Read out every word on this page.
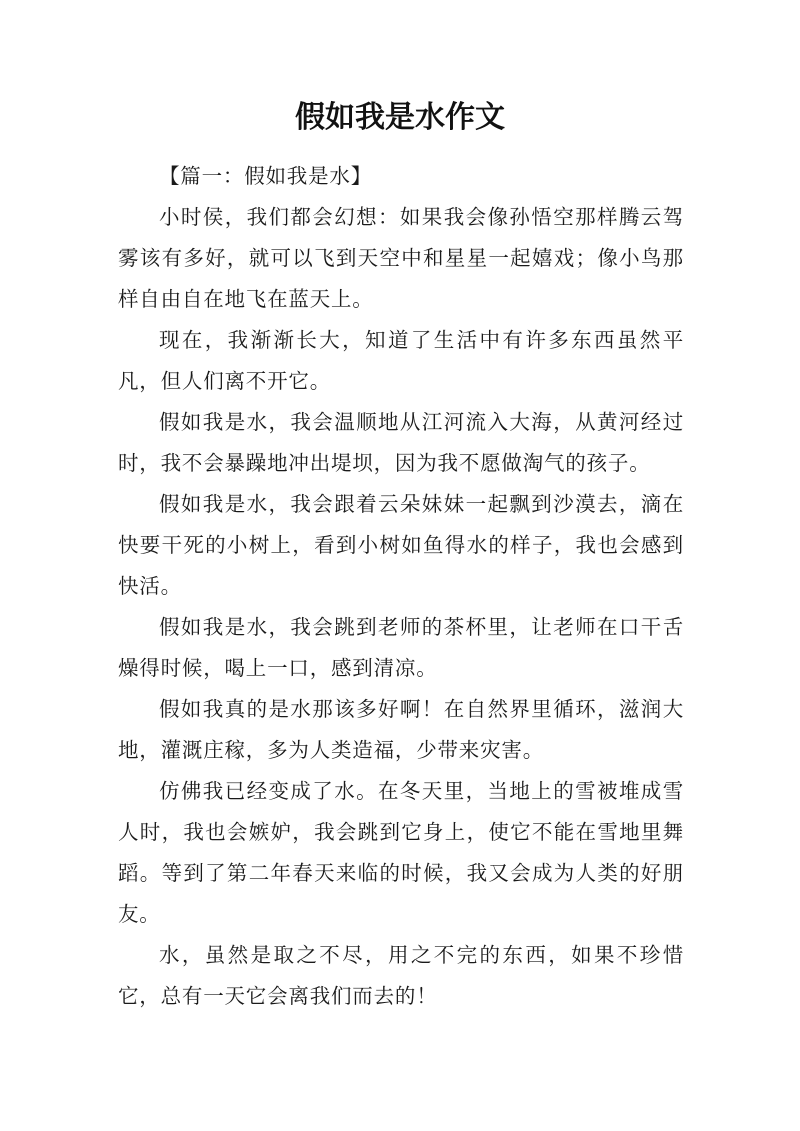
假如我是水作文

【篇一：假如我是水】

小时侯，我们都会幻想：如果我会像孙悟空那样腾云驾雾该有多好，就可以飞到天空中和星星一起嬉戏；像小鸟那样自由自在地飞在蓝天上。

现在，我渐渐长大，知道了生活中有许多东西虽然平凡，但人们离不开它。

假如我是水，我会温顺地从江河流入大海，从黄河经过时，我不会暴躁地冲出堤坝，因为我不愿做淘气的孩子。

假如我是水，我会跟着云朵妹妹一起飘到沙漠去，滴在快要干死的小树上，看到小树如鱼得水的样子，我也会感到快活。

假如我是水，我会跳到老师的茶杯里，让老师在口干舌燥得时候，喝上一口，感到清凉。

假如我真的是水那该多好啊！在自然界里循环，滋润大地，灌溉庄稼，多为人类造福，少带来灾害。

仿佛我已经变成了水。在冬天里，当地上的雪被堆成雪人时，我也会嫉妒，我会跳到它身上，使它不能在雪地里舞蹈。等到了第二年春天来临的时候，我又会成为人类的好朋友。

水，虽然是取之不尽，用之不完的东西，如果不珍惜它，总有一天它会离我们而去的！
